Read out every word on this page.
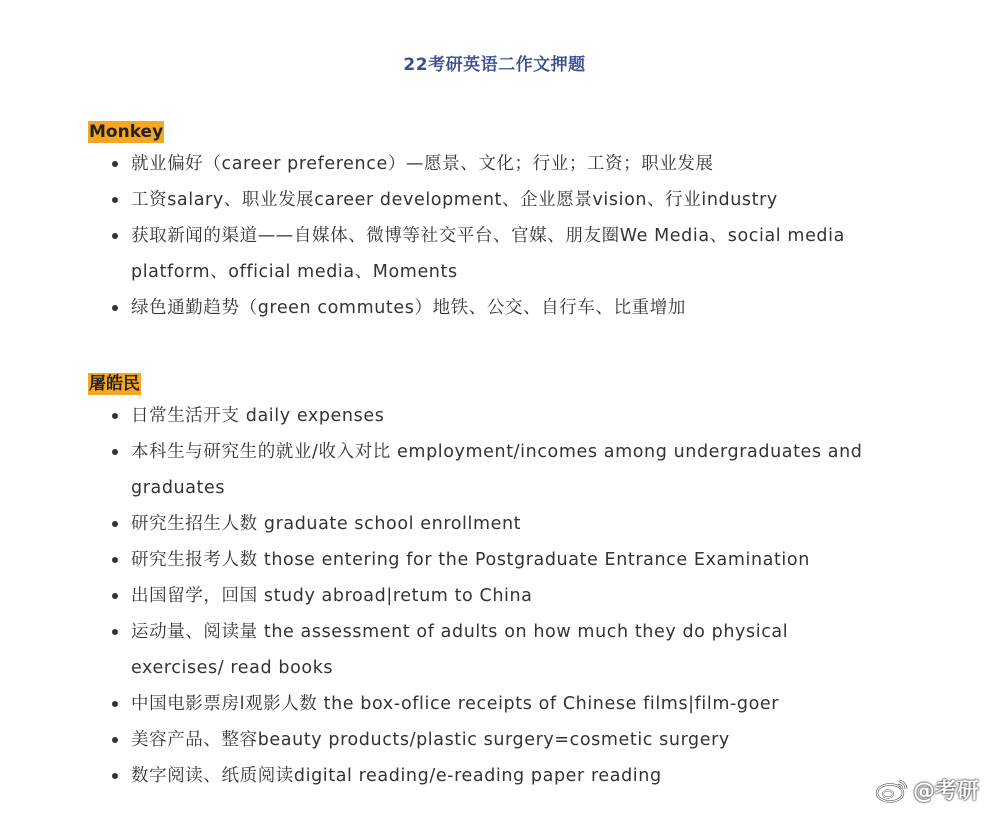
22考研英语二作文押题
Monkey
就业偏好（career preference）—愿景、文化；行业；工资；职业发展
工资salary、职业发展career development、企业愿景vision、行业industry
获取新闻的渠道——自媒体、微博等社交平台、官媒、朋友圈We Media、social media
platform、official media、Moments
绿色通勤趋势（green commutes）地铁、公交、自行车、比重增加
屠皓民
日常生活开支 daily expenses
本科生与研究生的就业/收入对比 employment/incomes among undergraduates and
graduates
研究生招生人数 graduate school enrollment
研究生报考人数 those entering for the Postgraduate Entrance Examination
出国留学，回国 study abroad|retum to China
运动量、阅读量 the assessment of adults on how much they do physical
exercises/ read books
中国电影票房l观影人数 the box-oflice receipts of Chinese films|film-goer
美容产品、整容beauty products/plastic surgery=cosmetic surgery
数字阅读、纸质阅读digital reading/e-reading paper reading
@考研
